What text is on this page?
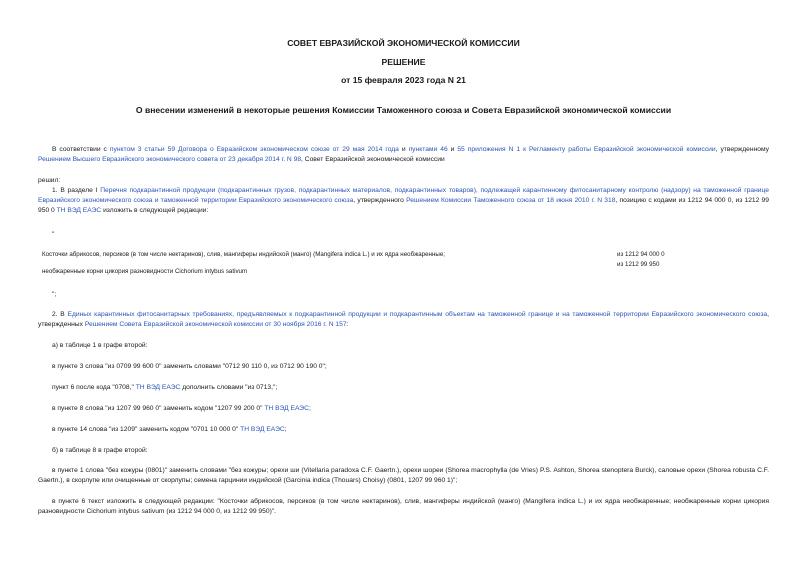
СОВЕТ ЕВРАЗИЙСКОЙ ЭКОНОМИЧЕСКОЙ КОМИССИИ
РЕШЕНИЕ
от 15 февраля 2023 года N 21
О внесении изменений в некоторые решения Комиссии Таможенного союза и Совета Евразийской экономической комиссии
В соответствии с пунктом 3 статьи 59 Договора о Евразийском экономическом союзе от 29 мая 2014 года и пунктами 46 и 55 приложения N 1 к Регламенту работы Евразийской экономической комиссии, утвержденному Решением Высшего Евразийского экономического совета от 23 декабря 2014 г. N 98, Совет Евразийской экономической комиссии
решил:
1. В разделе I Перечня подкарантинной продукции (подкарантинных грузов, подкарантинных материалов, подкарантинных товаров), подлежащей карантинному фитосанитарному контролю (надзору) на таможенной границе Евразийского экономического союза и таможенной территории Евразийского экономического союза, утвержденного Решением Комиссии Таможенного союза от 18 июня 2010 г. N 318, позицию с кодами из 1212 94 000 0, из 1212 99 950 0 ТН ВЭД ЕАЭС изложить в следующей редакции:
"
Косточки абрикосов, персиков (в том числе нектаринов), слив, мангиферы индийской (манго) (Mangifera indica L.) и их ядра необжаренные;	из 1212 94 000 0
из 1212 99 950
необжаренные корни цикория разновидности Cichorium intybus sativum
";
2. В Единых карантинных фитосанитарных требованиях, предъявляемых к подкарантинной продукции и подкарантинным объектам на таможенной границе и на таможенной территории Евразийского экономического союза, утвержденных Решением Совета Евразийской экономической комиссии от 30 ноября 2016 г. N 157:
а) в таблице 1 в графе второй:
в пункте 3 слова "из 0709 99 600 0" заменить словами "0712 90 110 0, из 0712 90 190 0";
пункт 6 после кода "0708," ТН ВЭД ЕАЭС дополнить словами "из 0713,";
в пункте 8 слова "из 1207 99 960 0" заменить кодом "1207 99 200 0" ТН ВЭД ЕАЭС;
в пункте 14 слова "из 1209" заменить кодом "0701 10 000 0" ТН ВЭД ЕАЭС;
б) в таблице 8 в графе второй:
в пункте 1 слова "без кожуры (0801)" заменить словами "без кожуры; орехи ши (Vitellaria paradoxa C.F. Gaertn.), орехи шореи (Shorea macrophylla (de Vries) P.S. Ashton, Shorea stenoptera Burck), саловые орехи (Shorea robusta C.F. Gaertn.), в скорлупе или очищенные от скорлупы; семена гарцинии индийской (Garcinia indica (Thouars) Choisy) (0801, 1207 99 960 1)";
в пункте 6 текст изложить в следующей редакции: "Косточки абрикосов, персиков (в том числе нектаринов), слив, мангиферы индийской (манго) (Mangifera indica L.) и их ядра необжаренные; необжаренные корни цикория разновидности Cichorium intybus sativum (из 1212 94 000 0, из 1212 99 950)".
